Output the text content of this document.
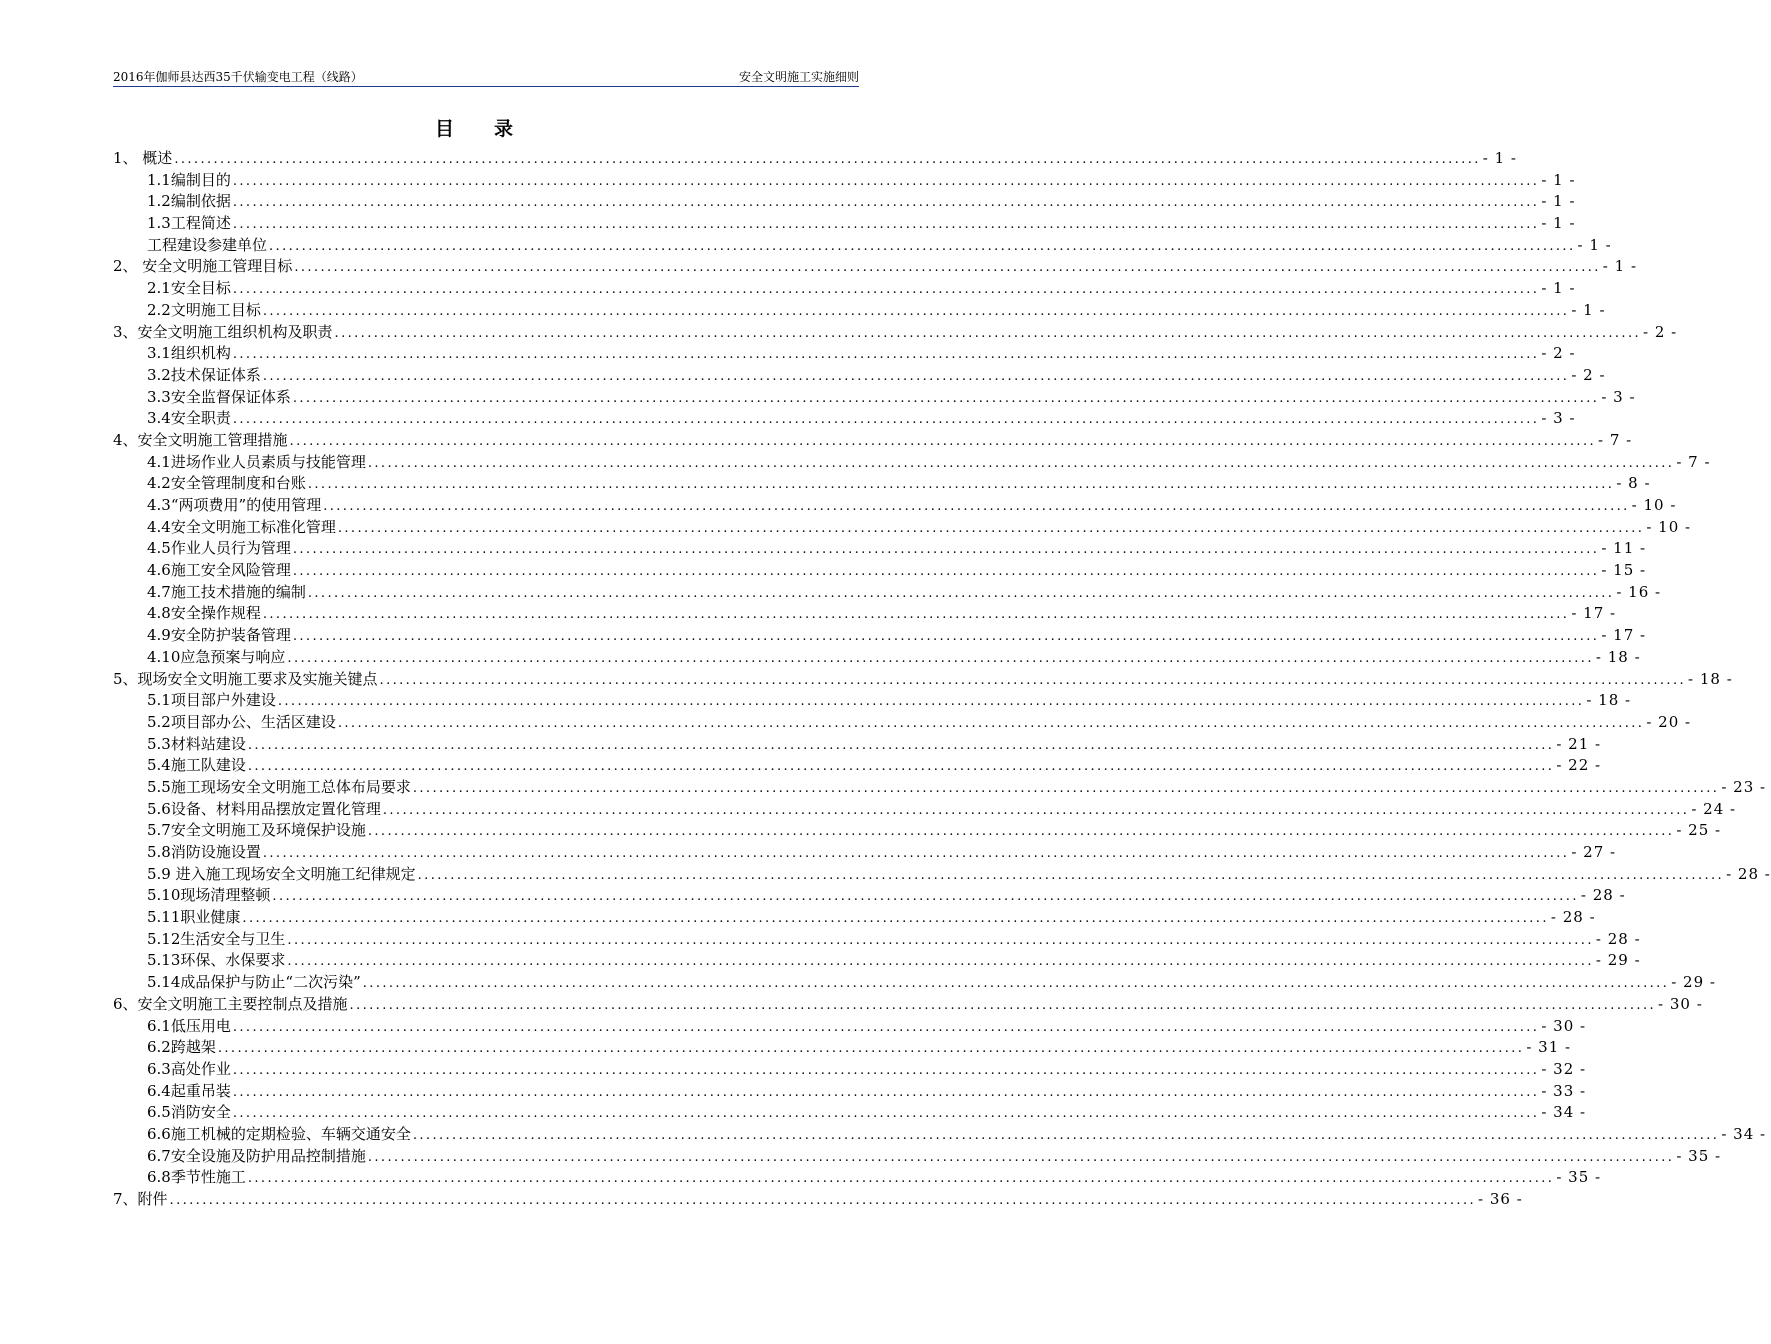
2016年伽师县达西35千伏输变电工程（线路）	安全文明施工实施细则
目 录
1、 概述 ........................................................................................................................................................................................................ - 1 -
1.1编制目的 ........................................................................................................................................................................................................ - 1 -
1.2编制依据 ........................................................................................................................................................................................................ - 1 -
1.3工程简述 ........................................................................................................................................................................................................ - 1 -
工程建设参建单位 ........................................................................................................................................................................................................ - 1 -
2、 安全文明施工管理目标 ........................................................................................................................................................................................................ - 1 -
2.1安全目标 ........................................................................................................................................................................................................ - 1 -
2.2文明施工目标 ........................................................................................................................................................................................................ - 1 -
3、安全文明施工组织机构及职责 ........................................................................................................................................................................................................ - 2 -
3.1组织机构 ........................................................................................................................................................................................................ - 2 -
3.2技术保证体系 ........................................................................................................................................................................................................ - 2 -
3.3安全监督保证体系 ........................................................................................................................................................................................................ - 3 -
3.4安全职责 ........................................................................................................................................................................................................ - 3 -
4、安全文明施工管理措施 ........................................................................................................................................................................................................ - 7 -
4.1进场作业人员素质与技能管理 ........................................................................................................................................................................................................ - 7 -
4.2安全管理制度和台账 ........................................................................................................................................................................................................ - 8 -
4.3“两项费用”的使用管理 ........................................................................................................................................................................................................ - 10 -
4.4安全文明施工标准化管理 ........................................................................................................................................................................................................ - 10 -
4.5作业人员行为管理 ........................................................................................................................................................................................................ - 11 -
4.6施工安全风险管理 ........................................................................................................................................................................................................ - 15 -
4.7施工技术措施的编制 ........................................................................................................................................................................................................ - 16 -
4.8安全操作规程 ........................................................................................................................................................................................................ - 17 -
4.9安全防护装备管理 ........................................................................................................................................................................................................ - 17 -
4.10应急预案与响应 ........................................................................................................................................................................................................ - 18 -
5、现场安全文明施工要求及实施关键点 ........................................................................................................................................................................................................ - 18 -
5.1项目部户外建设 ........................................................................................................................................................................................................ - 18 -
5.2项目部办公、生活区建设 ........................................................................................................................................................................................................ - 20 -
5.3材料站建设 ........................................................................................................................................................................................................ - 21 -
5.4施工队建设 ........................................................................................................................................................................................................ - 22 -
5.5施工现场安全文明施工总体布局要求 ........................................................................................................................................................................................................ - 23 -
5.6设备、材料用品摆放定置化管理 ........................................................................................................................................................................................................ - 24 -
5.7安全文明施工及环境保护设施 ........................................................................................................................................................................................................ - 25 -
5.8消防设施设置 ........................................................................................................................................................................................................ - 27 -
5.9 进入施工现场安全文明施工纪律规定 ........................................................................................................................................................................................................ - 28 -
5.10现场清理整顿 ........................................................................................................................................................................................................ - 28 -
5.11职业健康 ........................................................................................................................................................................................................ - 28 -
5.12生活安全与卫生 ........................................................................................................................................................................................................ - 28 -
5.13环保、水保要求 ........................................................................................................................................................................................................ - 29 -
5.14成品保护与防止“二次污染” ........................................................................................................................................................................................................ - 29 -
6、安全文明施工主要控制点及措施 ........................................................................................................................................................................................................ - 30 -
6.1低压用电 ........................................................................................................................................................................................................ - 30 -
6.2跨越架 ........................................................................................................................................................................................................ - 31 -
6.3高处作业 ........................................................................................................................................................................................................ - 32 -
6.4起重吊装 ........................................................................................................................................................................................................ - 33 -
6.5消防安全 ........................................................................................................................................................................................................ - 34 -
6.6施工机械的定期检验、车辆交通安全 ........................................................................................................................................................................................................ - 34 -
6.7安全设施及防护用品控制措施 ........................................................................................................................................................................................................ - 35 -
6.8季节性施工 ........................................................................................................................................................................................................ - 35 -
7、附件 ........................................................................................................................................................................................................ - 36 -
